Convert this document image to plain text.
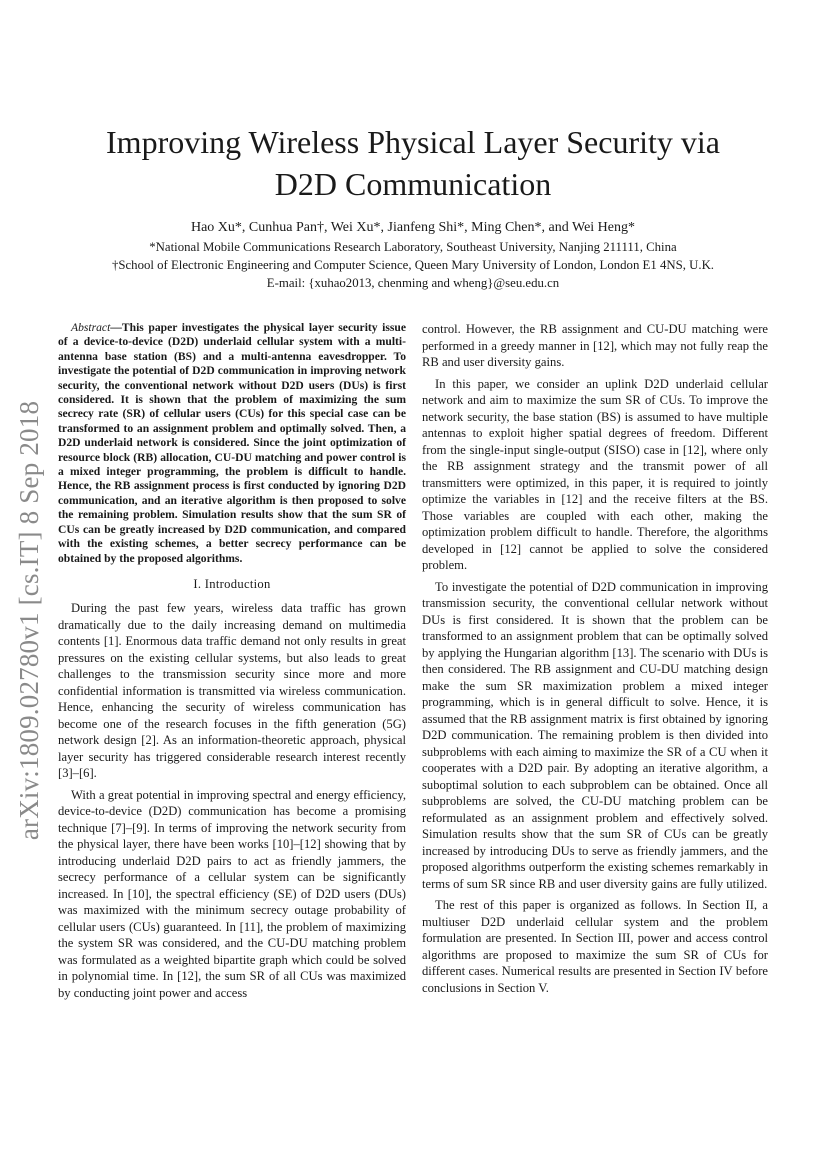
arXiv:1809.02780v1 [cs.IT] 8 Sep 2018
Improving Wireless Physical Layer Security via
D2D Communication
Hao Xu*, Cunhua Pan†, Wei Xu*, Jianfeng Shi*, Ming Chen*, and Wei Heng*
*National Mobile Communications Research Laboratory, Southeast University, Nanjing 211111, China
†School of Electronic Engineering and Computer Science, Queen Mary University of London, London E1 4NS, U.K.
E-mail: {xuhao2013, chenming and wheng}@seu.edu.cn

Abstract—This paper investigates the physical layer security issue of a device-to-device (D2D) underlaid cellular system with a multi-antenna base station (BS) and a multi-antenna eavesdropper. To investigate the potential of D2D communication in improving network security, the conventional network without D2D users (DUs) is first considered. It is shown that the problem of maximizing the sum secrecy rate (SR) of cellular users (CUs) for this special case can be transformed to an assignment problem and optimally solved. Then, a D2D underlaid network is considered. Since the joint optimization of resource block (RB) allocation, CU-DU matching and power control is a mixed integer programming, the problem is difficult to handle. Hence, the RB assignment process is first conducted by ignoring D2D communication, and an iterative algorithm is then proposed to solve the remaining problem. Simulation results show that the sum SR of CUs can be greatly increased by D2D communication, and compared with the existing schemes, a better secrecy performance can be obtained by the proposed algorithms.

I. Introduction

During the past few years, wireless data traffic has grown dramatically due to the daily increasing demand on multimedia contents [1]. Enormous data traffic demand not only results in great pressures on the existing cellular systems, but also leads to great challenges to the transmission security since more and more confidential information is transmitted via wireless communication. Hence, enhancing the security of wireless communication has become one of the research focuses in the fifth generation (5G) network design [2]. As an information-theoretic approach, physical layer security has triggered considerable research interest recently [3]–[6].

With a great potential in improving spectral and energy efficiency, device-to-device (D2D) communication has become a promising technique [7]–[9]. In terms of improving the network security from the physical layer, there have been works [10]–[12] showing that by introducing underlaid D2D pairs to act as friendly jammers, the secrecy performance of a cellular system can be significantly increased. In [10], the spectral efficiency (SE) of D2D users (DUs) was maximized with the minimum secrecy outage probability of cellular users (CUs) guaranteed. In [11], the problem of maximizing the system SR was considered, and the CU-DU matching problem was formulated as a weighted bipartite graph which could be solved in polynomial time. In [12], the sum SR of all CUs was maximized by conducting joint power and access

control. However, the RB assignment and CU-DU matching were performed in a greedy manner in [12], which may not fully reap the RB and user diversity gains.

In this paper, we consider an uplink D2D underlaid cellular network and aim to maximize the sum SR of CUs. To improve the network security, the base station (BS) is assumed to have multiple antennas to exploit higher spatial degrees of freedom. Different from the single-input single-output (SISO) case in [12], where only the RB assignment strategy and the transmit power of all transmitters were optimized, in this paper, it is required to jointly optimize the variables in [12] and the receive filters at the BS. Those variables are coupled with each other, making the optimization problem difficult to handle. Therefore, the algorithms developed in [12] cannot be applied to solve the considered problem.

To investigate the potential of D2D communication in improving transmission security, the conventional cellular network without DUs is first considered. It is shown that the problem can be transformed to an assignment problem that can be optimally solved by applying the Hungarian algorithm [13]. The scenario with DUs is then considered. The RB assignment and CU-DU matching design make the sum SR maximization problem a mixed integer programming, which is in general difficult to solve. Hence, it is assumed that the RB assignment matrix is first obtained by ignoring D2D communication. The remaining problem is then divided into subproblems with each aiming to maximize the SR of a CU when it cooperates with a D2D pair. By adopting an iterative algorithm, a suboptimal solution to each subproblem can be obtained. Once all subproblems are solved, the CU-DU matching problem can be reformulated as an assignment problem and effectively solved. Simulation results show that the sum SR of CUs can be greatly increased by introducing DUs to serve as friendly jammers, and the proposed algorithms outperform the existing schemes remarkably in terms of sum SR since RB and user diversity gains are fully utilized.

The rest of this paper is organized as follows. In Section II, a multiuser D2D underlaid cellular system and the problem formulation are presented. In Section III, power and access control algorithms are proposed to maximize the sum SR of CUs for different cases. Numerical results are presented in Section IV before conclusions in Section V.
